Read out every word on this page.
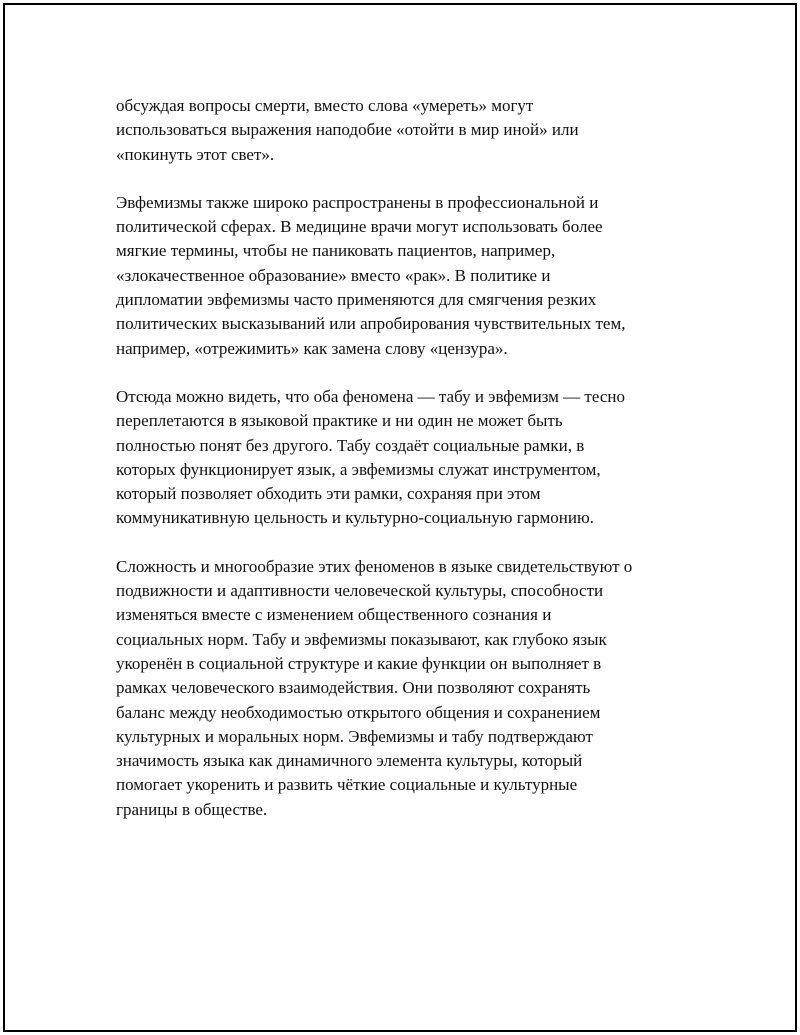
обсуждая вопросы смерти, вместо слова «умереть» могут
использоваться выражения наподобие «отойти в мир иной» или
«покинуть этот свет».

Эвфемизмы также широко распространены в профессиональной и
политической сферах. В медицине врачи могут использовать более
мягкие термины, чтобы не паниковать пациентов, например,
«злокачественное образование» вместо «рак». В политике и
дипломатии эвфемизмы часто применяются для смягчения резких
политических высказываний или апробирования чувствительных тем,
например, «отрежимить» как замена слову «цензура».

Отсюда можно видеть, что оба феномена — табу и эвфемизм — тесно
переплетаются в языковой практике и ни один не может быть
полностью понят без другого. Табу создаёт социальные рамки, в
которых функционирует язык, а эвфемизмы служат инструментом,
который позволяет обходить эти рамки, сохраняя при этом
коммуникативную цельность и культурно-социальную гармонию.

Сложность и многообразие этих феноменов в языке свидетельствуют о
подвижности и адаптивности человеческой культуры, способности
изменяться вместе с изменением общественного сознания и
социальных норм. Табу и эвфемизмы показывают, как глубоко язык
укоренён в социальной структуре и какие функции он выполняет в
рамках человеческого взаимодействия. Они позволяют сохранять
баланс между необходимостью открытого общения и сохранением
культурных и моральных норм. Эвфемизмы и табу подтверждают
значимость языка как динамичного элемента культуры, который
помогает укоренить и развить чёткие социальные и культурные
границы в обществе.
